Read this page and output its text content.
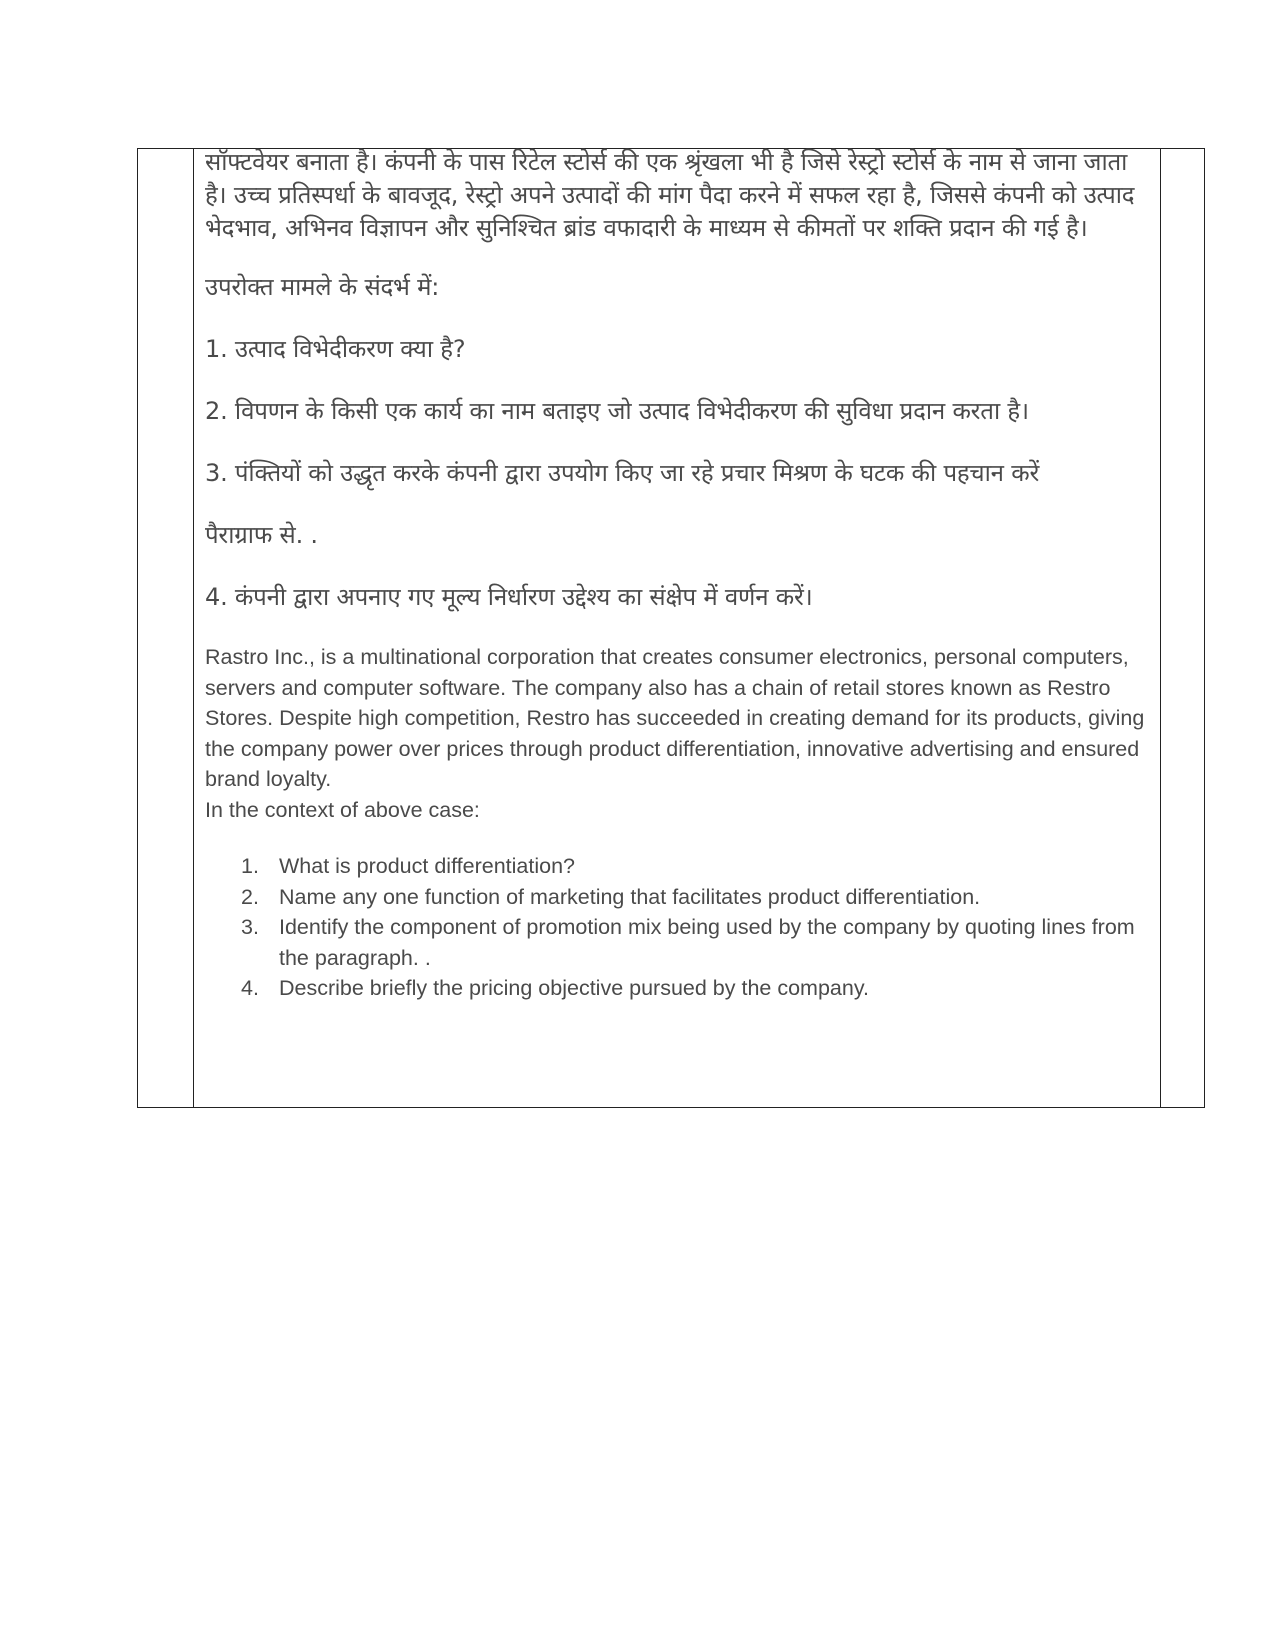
सॉफ्टवेयर बनाता है। कंपनी के पास रिटेल स्टोर्स की एक श्रृंखला भी है जिसे रेस्ट्रो स्टोर्स के नाम से जाना जाता है। उच्च प्रतिस्पर्धा के बावजूद, रेस्ट्रो अपने उत्पादों की मांग पैदा करने में सफल रहा है, जिससे कंपनी को उत्पाद भेदभाव, अभिनव विज्ञापन और सुनिश्चित ब्रांड वफादारी के माध्यम से कीमतों पर शक्ति प्रदान की गई है।

उपरोक्त मामले के संदर्भ में:

1. उत्पाद विभेदीकरण क्या है?

2. विपणन के किसी एक कार्य का नाम बताइए जो उत्पाद विभेदीकरण की सुविधा प्रदान करता है।

3. पंक्तियों को उद्धृत करके कंपनी द्वारा उपयोग किए जा रहे प्रचार मिश्रण के घटक की पहचान करें

पैराग्राफ से. .

4. कंपनी द्वारा अपनाए गए मूल्य निर्धारण उद्देश्य का संक्षेप में वर्णन करें।

Rastro Inc., is a multinational corporation that creates consumer electronics, personal computers, servers and computer software. The company also has a chain of retail stores known as Restro Stores. Despite high competition, Restro has succeeded in creating demand for its products, giving the company power over prices through product differentiation, innovative advertising and ensured brand loyalty.

In the context of above case:

1. What is product differentiation?
2. Name any one function of marketing that facilitates product differentiation.
3. Identify the component of promotion mix being used by the company by quoting lines from the paragraph. .
4. Describe briefly the pricing objective pursued by the company.
